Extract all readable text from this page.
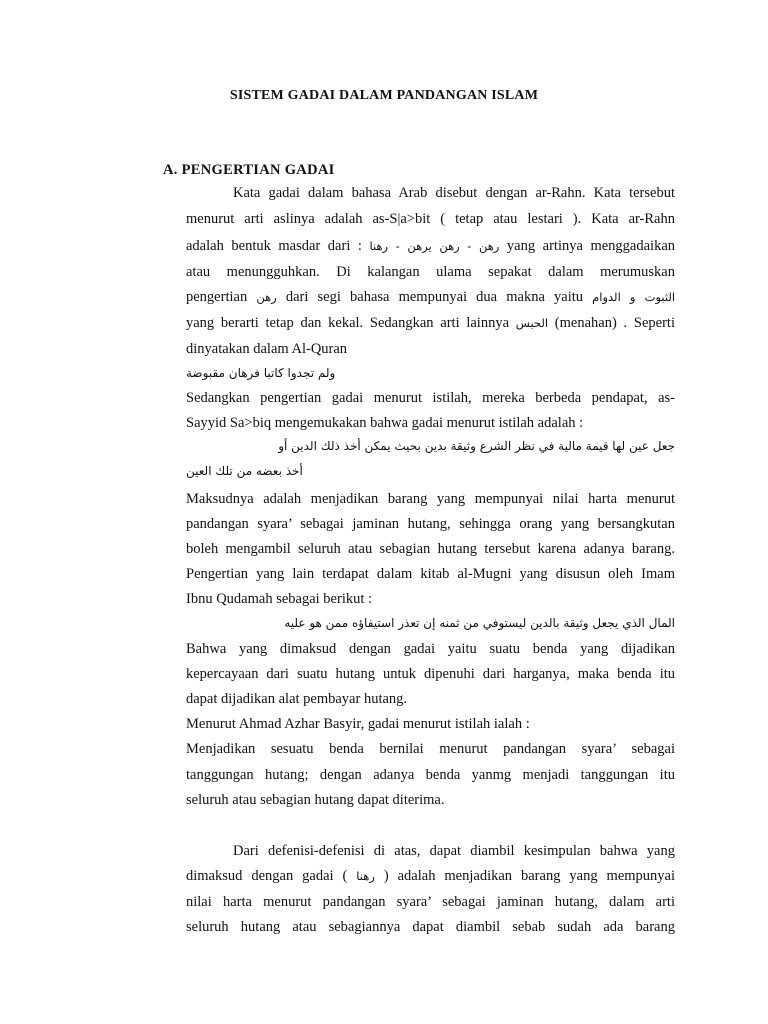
SISTEM GADAI DALAM PANDANGAN ISLAM
A. PENGERTIAN GADAI
Kata gadai dalam bahasa Arab disebut dengan ar-Rahn. Kata tersebut
menurut arti aslinya adalah as-S|a>bit ( tetap atau lestari ). Kata ar-Rahn
adalah bentuk masdar dari : رهن - رهن يرهن - رهنا yang artinya menggadaikan
atau menungguhkan. Di kalangan ulama sepakat dalam merumuskan
pengertian رهن dari segi bahasa mempunyai dua makna yaitu الثبوت و الدوام
yang berarti tetap dan kekal. Sedangkan arti lainnya الحبس (menahan) . Seperti
dinyatakan dalam Al-Quran
ولم تجدوا كاتبا فرهان مقبوضة
Sedangkan pengertian gadai menurut istilah, mereka berbeda pendapat, as-
Sayyid Sa>biq mengemukakan bahwa gadai menurut istilah adalah :
جعل عين لها قيمة مالية في نظر الشرع وثيقة بدين بحيث يمكن أخذ ذلك الدين أو
أخذ بعضه من تلك العين
Maksudnya adalah menjadikan barang yang mempunyai nilai harta menurut
pandangan syara’ sebagai jaminan hutang, sehingga orang yang bersangkutan
boleh mengambil seluruh atau sebagian hutang tersebut karena adanya barang.
Pengertian yang lain terdapat dalam kitab al-Mugni yang disusun oleh Imam
Ibnu Qudamah sebagai berikut :
المال الذي يجعل وثيقة بالدين ليستوفي من ثمنه إن تعذر استيفاؤه ممن هو عليه
Bahwa yang dimaksud dengan gadai yaitu suatu benda yang dijadikan
kepercayaan dari suatu hutang untuk dipenuhi dari harganya, maka benda itu
dapat dijadikan alat pembayar hutang.
Menurut Ahmad Azhar Basyir, gadai menurut istilah ialah :
Menjadikan sesuatu benda bernilai menurut pandangan syara’ sebagai
tanggungan hutang; dengan adanya benda yanmg menjadi tanggungan itu
seluruh atau sebagian hutang dapat diterima.
Dari defenisi-defenisi di atas, dapat diambil kesimpulan bahwa yang
dimaksud dengan gadai ( رهنا ) adalah menjadikan barang yang mempunyai
nilai harta menurut pandangan syara’ sebagai jaminan hutang, dalam arti
seluruh hutang atau sebagiannya dapat diambil sebab sudah ada barang
